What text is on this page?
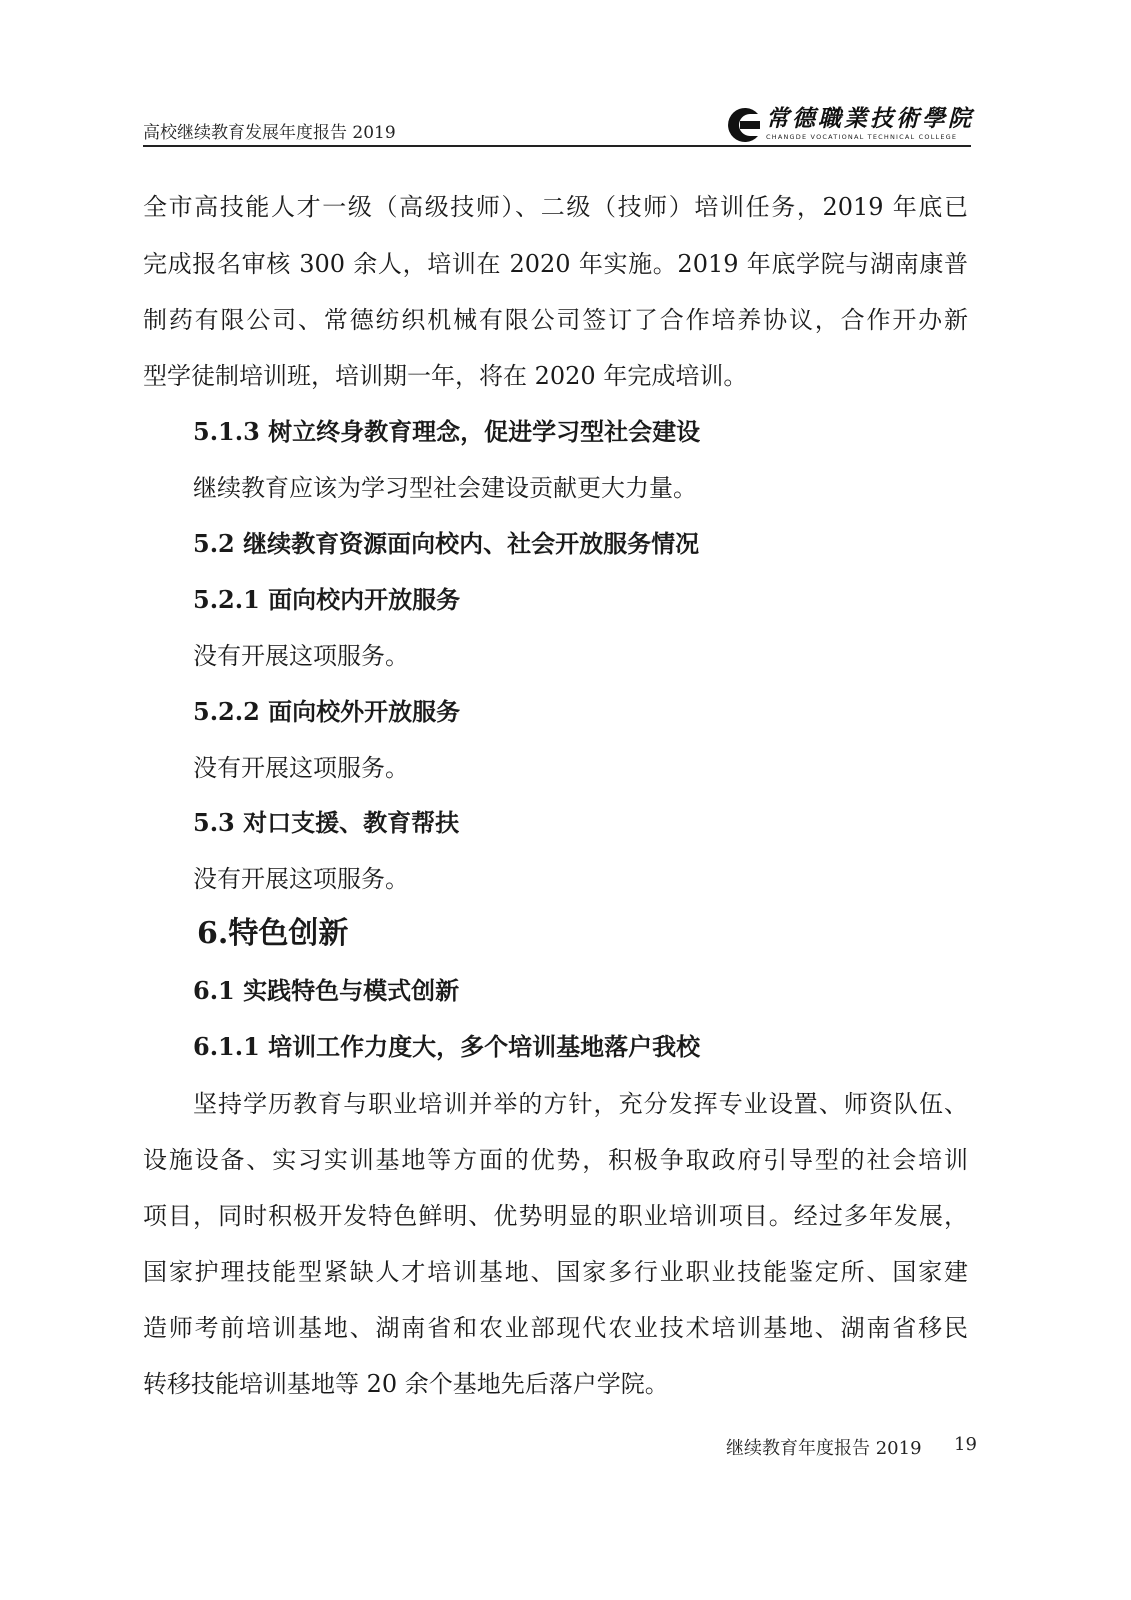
高校继续教育发展年度报告 2019
常德職業技術學院
CHANGDE VOCATIONAL TECHNICAL COLLEGE
全市高技能人才一级（高级技师）、二级（技师）培训任务，2019 年底已
完成报名审核 300 余人，培训在 2020 年实施。2019 年底学院与湖南康普
制药有限公司、常德纺织机械有限公司签订了合作培养协议，合作开办新
型学徒制培训班，培训期一年，将在 2020 年完成培训。
5.1.3 树立终身教育理念，促进学习型社会建设
继续教育应该为学习型社会建设贡献更大力量。
5.2 继续教育资源面向校内、社会开放服务情况
5.2.1 面向校内开放服务
没有开展这项服务。
5.2.2 面向校外开放服务
没有开展这项服务。
5.3 对口支援、教育帮扶
没有开展这项服务。
6.特色创新
6.1 实践特色与模式创新
6.1.1 培训工作力度大，多个培训基地落户我校
坚持学历教育与职业培训并举的方针，充分发挥专业设置、师资队伍、
设施设备、实习实训基地等方面的优势，积极争取政府引导型的社会培训
项目，同时积极开发特色鲜明、优势明显的职业培训项目。经过多年发展，
国家护理技能型紧缺人才培训基地、国家多行业职业技能鉴定所、国家建
造师考前培训基地、湖南省和农业部现代农业技术培训基地、湖南省移民
转移技能培训基地等 20 余个基地先后落户学院。
继续教育年度报告 2019 19
